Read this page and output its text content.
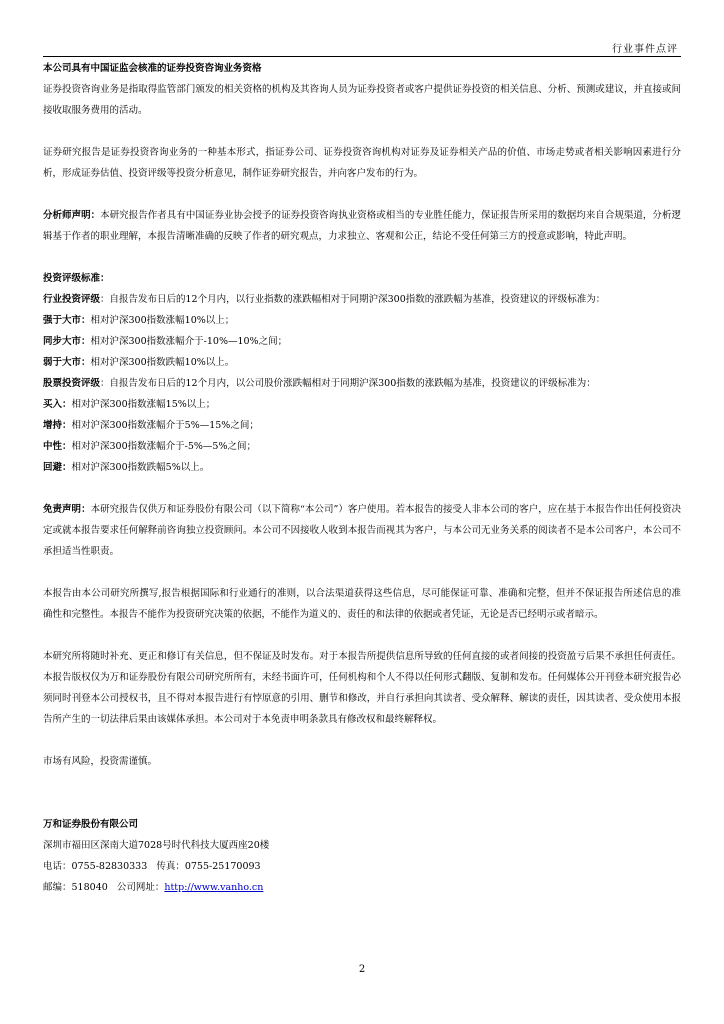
行业事件点评

本公司具有中国证监会核准的证券投资咨询业务资格

证券投资咨询业务是指取得监管部门颁发的相关资格的机构及其咨询人员为证券投资者或客户提供证券投资的相关信息、分析、预测或建议，并直接或间接收取服务费用的活动。

证券研究报告是证券投资咨询业务的一种基本形式，指证券公司、证券投资咨询机构对证券及证券相关产品的价值、市场走势或者相关影响因素进行分析，形成证券估值、投资评级等投资分析意见，制作证券研究报告，并向客户发布的行为。

分析师声明：本研究报告作者具有中国证券业协会授予的证券投资咨询执业资格或相当的专业胜任能力，保证报告所采用的数据均来自合规渠道，分析逻辑基于作者的职业理解，本报告清晰准确的反映了作者的研究观点，力求独立、客观和公正，结论不受任何第三方的授意或影响，特此声明。

投资评级标准：

行业投资评级：自报告发布日后的12个月内，以行业指数的涨跌幅相对于同期沪深300指数的涨跌幅为基准，投资建议的评级标准为：

强于大市：相对沪深300指数涨幅10%以上；

同步大市：相对沪深300指数涨幅介于-10%—10%之间；

弱于大市：相对沪深300指数跌幅10%以上。

股票投资评级：自报告发布日后的12个月内，以公司股价涨跌幅相对于同期沪深300指数的涨跌幅为基准，投资建议的评级标准为：

买入：相对沪深300指数涨幅15%以上；

增持：相对沪深300指数涨幅介于5%—15%之间；

中性：相对沪深300指数涨幅介于-5%—5%之间；

回避：相对沪深300指数跌幅5%以上。

免责声明：本研究报告仅供万和证券股份有限公司（以下简称“本公司”）客户使用。若本报告的接受人非本公司的客户，应在基于本报告作出任何投资决定或就本报告要求任何解释前咨询独立投资顾问。本公司不因接收人收到本报告而视其为客户，与本公司无业务关系的阅读者不是本公司客户，本公司不承担适当性职责。

本报告由本公司研究所撰写,报告根据国际和行业通行的准则，以合法渠道获得这些信息，尽可能保证可靠、准确和完整，但并不保证报告所述信息的准确性和完整性。本报告不能作为投资研究决策的依据，不能作为道义的、责任的和法律的依据或者凭证，无论是否已经明示或者暗示。

本研究所将随时补充、更正和修订有关信息，但不保证及时发布。对于本报告所提供信息所导致的任何直接的或者间接的投资盈亏后果不承担任何责任。本报告版权仅为万和证券股份有限公司研究所所有，未经书面许可，任何机构和个人不得以任何形式翻版、复制和发布。任何媒体公开刊登本研究报告必须同时刊登本公司授权书，且不得对本报告进行有悖原意的引用、删节和修改，并自行承担向其读者、受众解释、解读的责任，因其读者、受众使用本报告所产生的一切法律后果由该媒体承担。本公司对于本免责申明条款具有修改权和最终解释权。

市场有风险，投资需谨慎。

万和证券股份有限公司

深圳市福田区深南大道7028号时代科技大厦西座20楼

电话：0755-82830333 传真：0755-25170093

邮编：518040 公司网址：http://www.vanho.cn

2
